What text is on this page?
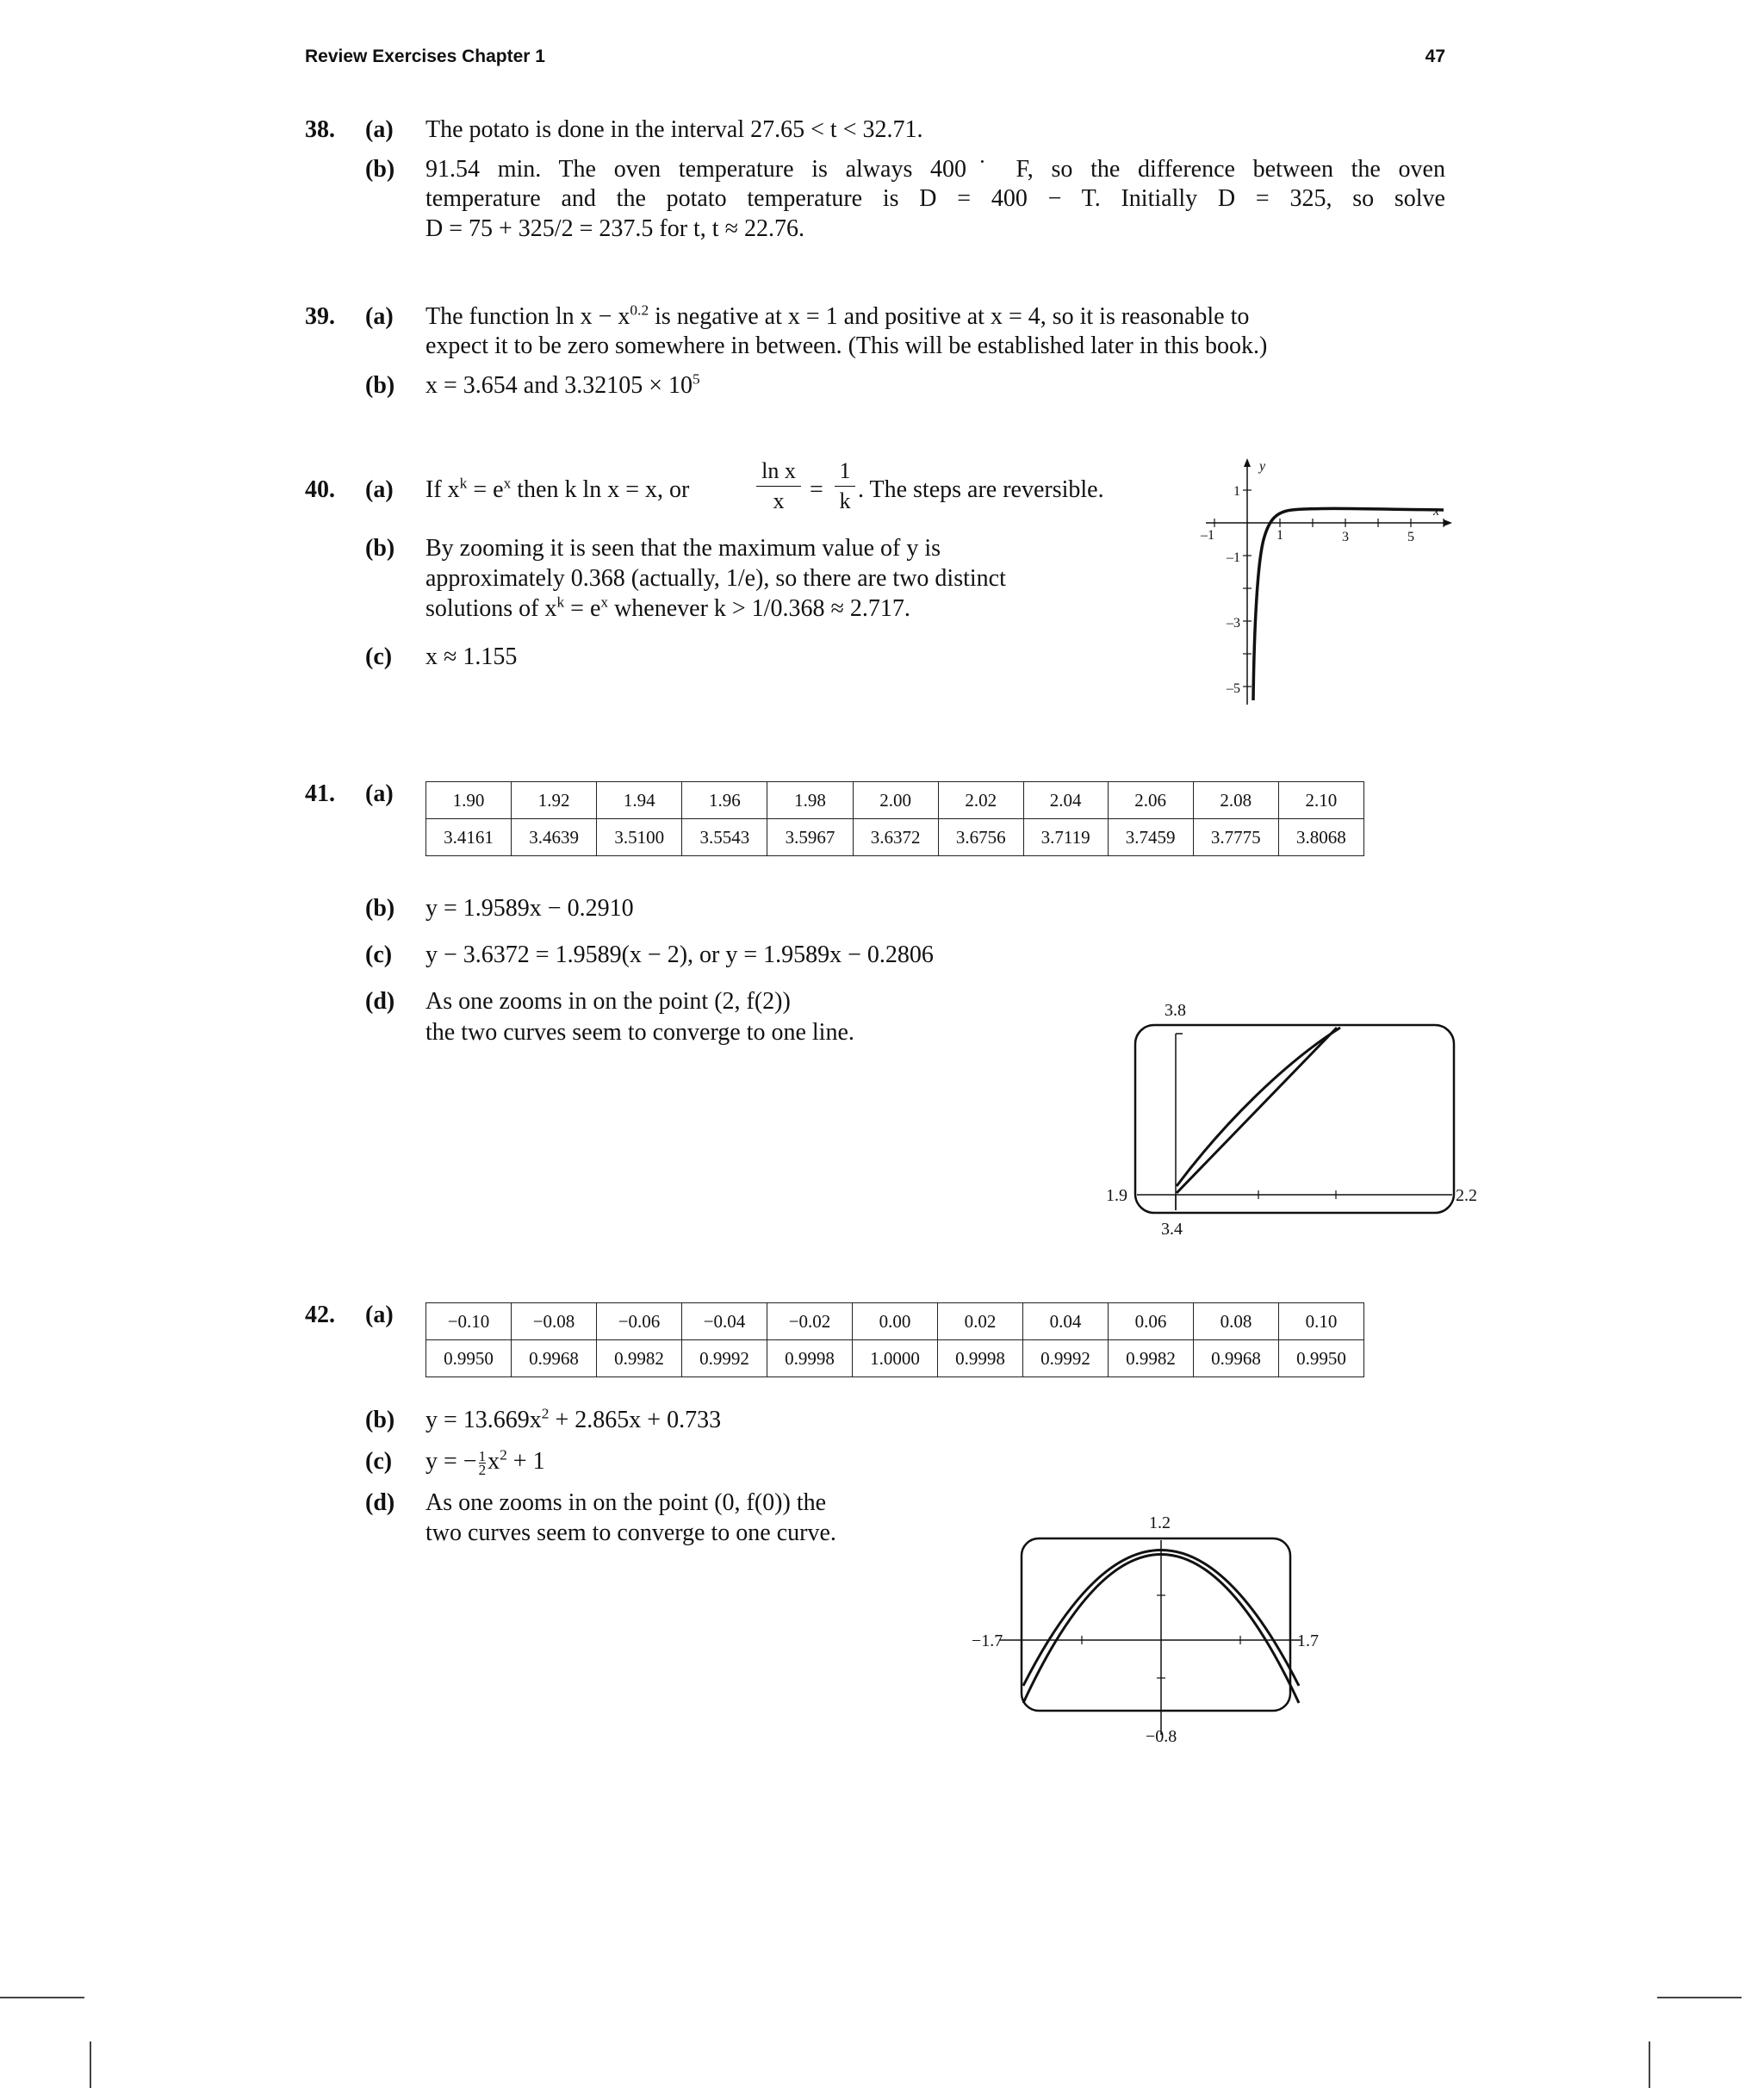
Review Exercises Chapter 1	47
38. (a) The potato is done in the interval 27.65 < t < 32.71.
(b) 91.54 min. The oven temperature is always 400˙ F, so the difference between the oven
temperature and the potato temperature is D = 400 − T. Initially D = 325, so solve
D = 75 + 325/2 = 237.5 for t, t ≈ 22.76.
39. (a) The function $\ln x - x^{0.2}$ is negative at x = 1 and positive at x = 4, so it is reasonable to
expect it to be zero somewhere in between. (This will be established later in this book.)
(b) x = 3.654 and $3.32105 \times 10^5$
40. (a) If $x^k = e^x$ then k ln x = x, or
ln x
x	=
1
k . The steps are reversible.
(b) By zooming it is seen that the maximum value of y is
approximately 0.368 (actually, 1/e), so there are two distinct
solutions of $x^k = e^x$ whenever k > 1/0.368 ≈ 2.717.
(c) x ≈ 1.155
y
x
–1	1	3	5
1
–1
–3
–5
41. (a)	1.90	1.92	1.94	1.96	1.98	2.00	2.02	2.04	2.06	2.08	2.10
3.4161	3.4639	3.5100	3.5543	3.5967	3.6372	3.6756	3.7119	3.7459	3.7775	3.8068
(b) y = 1.9589x − 0.2910
(c) y − 3.6372 = 1.9589(x − 2), or y = 1.9589x − 0.2806
(d) As one zooms in on the point (2, f(2))
the two curves seem to converge to one line.
3.8
1.9	2.2
3.4
42. (a)	−0.10	−0.08	−0.06	−0.04	−0.02	0.00	0.02	0.04	0.06	0.08	0.10
0.9950	0.9968	0.9982	0.9992	0.9998	1.0000	0.9998	0.9992	0.9982	0.9968	0.9950
(b) $y = 13.669x^2 + 2.865x + 0.733$
(c) y = − $\frac{1}{2} x^2 + 1$
(d) As one zooms in on the point (0, f(0)) the
two curves seem to converge to one curve.	1.2
−1.7	1.7
−0.8
